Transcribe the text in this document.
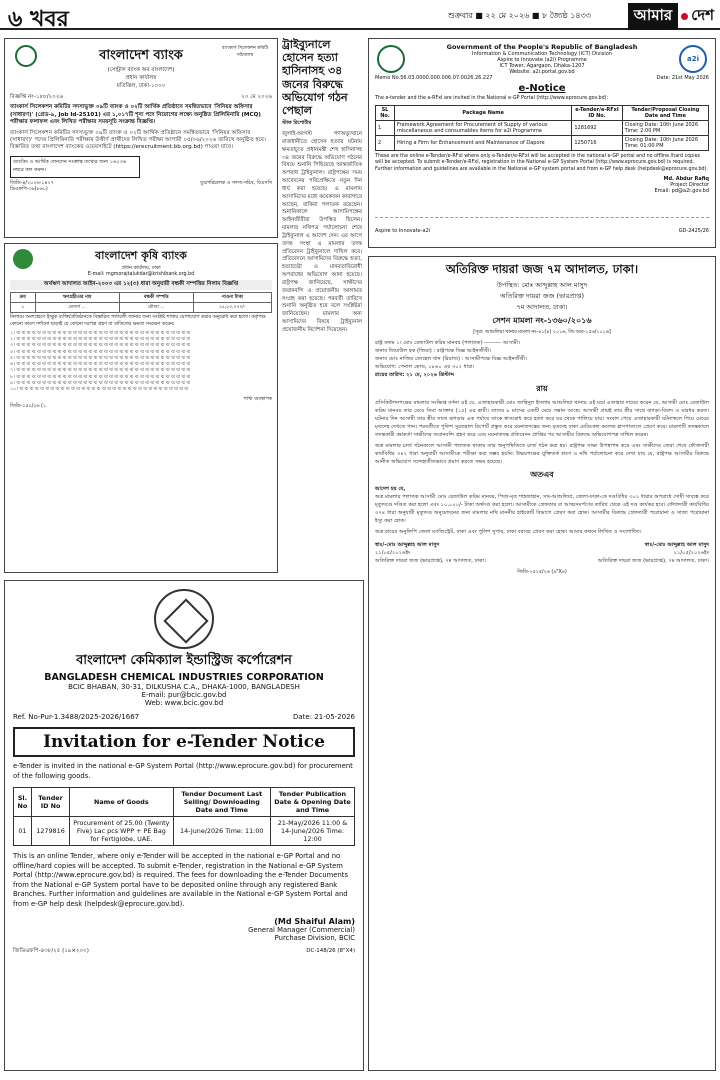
৬ খবর	শুক্রবার ■ ২২ মে ২০২৬ ■ ৮ জ্যৈষ্ঠ ১৪৩৩	আমার	দেশ
ব্যাংকার্স সিলেকশন কমিটি সচিবালয়
বাংলাদেশ ব্যাংক
(সেন্ট্রাল ব্যাংক অব বাংলাদেশ)
প্রধান কার্যালয়
মতিঝিল, ঢাকা-১০০০
বিজ্ঞপ্তি নং-১৮৮/২০২৬	২০ মে ২০২৬
ব্যাংকার্স সিলেকশন কমিটির সদস্যভুক্ত ০৯টি ব্যাংক ও ০২টি আর্থিক প্রতিষ্ঠানে সমন্বিতভাবে 'সিনিয়র অফিসার (সাধারণ)' (গ্রেড-৯, Job Id-25101) এর ১,০১৭টি শূন্য পদে নিয়োগের লক্ষ্যে অনুষ্ঠিত প্রিলিমিনারি (MCQ) পরীক্ষার ফলাফল এবং লিখিত পরীক্ষার সময়সূচি সংক্রান্ত বিজ্ঞপ্তি।
ব্যাংকার্স সিলেকশন কমিটির সদস্যভুক্ত ০৯টি ব্যাংক ও ০২টি আর্থিক প্রতিষ্ঠানে সমন্বিতভাবে 'সিনিয়র অফিসার (সাধারণ)' পদের প্রিলিমিনারি পরীক্ষায় উত্তীর্ণ প্রার্থীদের লিখিত পরীক্ষা আগামী ০৫/০৬/২০২৬ তারিখে অনুষ্ঠিত হবে। বিস্তারিত তথ্য বাংলাদেশ ব্যাংকের ওয়েবসাইটে (https://erecruitment.bb.org.bd) পাওয়া যাবে।
ব্যাংকিং ও আর্থিক লেনদেন সংক্রান্ত তথ্যের জন্য ১৬২৩৬ নম্বরে কল করুন।
জিডি-৪/২০২৬-১৪২৭	যুগ্মপরিচালক ও সদস্য-সচিব, বিএসসি
ডিএফপি-৩৯(৮৬০)
বাংলাদেশ কৃষি ব্যাংক
প্রধান কার্যালয়, ঢাকা
E-mail: mgmorajtalukdar@krishibank.org.bd
অর্থঋণ আদালত আইন-২০০৩ এর ১২(৩) ধারা অনুযায়ী বন্ধকী সম্পত্তির নিলাম বিজ্ঞপ্তি
ক্রম	ঋণগ্রহীতার নাম	বন্ধকী সম্পত্তি	পাওনা টাকা
১	মেসার্স ...	মৌজা ...	২৫,৮০,০০০/-
নিলামে অংশগ্রহণে ইচ্ছুক ব্যক্তি/প্রতিষ্ঠানকে বিস্তারিত শর্তাবলী জানার জন্য সংশ্লিষ্ট শাখায় যোগাযোগ করার অনুরোধ করা হলো। কর্তৃপক্ষ কোনো কারণ দর্শানো ছাড়াই যে কোনো দরপত্র গ্রহণ বা বাতিলের ক্ষমতা সংরক্ষণ করেন।
১। ঝ ঝ ঝ ঝ ঝ ঝ ঝ ঝ ঝ ঝ ঝ ঝ ঝ ঝ ঝ ঝ ঝ ঝ ঝ ঝ ঝ ঝ ঝ ঝ ঝ ঝ ঝ ঝ ঝ ঝ ঝ ঝ ঝ ঝ
২। ঝ ঝ ঝ ঝ ঝ ঝ ঝ ঝ ঝ ঝ ঝ ঝ ঝ ঝ ঝ ঝ ঝ ঝ ঝ ঝ ঝ ঝ ঝ ঝ ঝ ঝ ঝ ঝ ঝ ঝ ঝ ঝ ঝ ঝ
৩। ঝ ঝ ঝ ঝ ঝ ঝ ঝ ঝ ঝ ঝ ঝ ঝ ঝ ঝ ঝ ঝ ঝ ঝ ঝ ঝ ঝ ঝ ঝ ঝ ঝ ঝ ঝ ঝ ঝ ঝ ঝ ঝ ঝ ঝ
৪। ঝ ঝ ঝ ঝ ঝ ঝ ঝ ঝ ঝ ঝ ঝ ঝ ঝ ঝ ঝ ঝ ঝ ঝ ঝ ঝ ঝ ঝ ঝ ঝ ঝ ঝ ঝ ঝ ঝ ঝ ঝ ঝ ঝ ঝ
৫। ঝ ঝ ঝ ঝ ঝ ঝ ঝ ঝ ঝ ঝ ঝ ঝ ঝ ঝ ঝ ঝ ঝ ঝ ঝ ঝ ঝ ঝ ঝ ঝ ঝ ঝ ঝ ঝ ঝ ঝ ঝ ঝ ঝ ঝ
৬। ঝ ঝ ঝ ঝ ঝ ঝ ঝ ঝ ঝ ঝ ঝ ঝ ঝ ঝ ঝ ঝ ঝ ঝ ঝ ঝ ঝ ঝ ঝ ঝ ঝ ঝ ঝ ঝ ঝ ঝ ঝ ঝ ঝ ঝ
৭। ঝ ঝ ঝ ঝ ঝ ঝ ঝ ঝ ঝ ঝ ঝ ঝ ঝ ঝ ঝ ঝ ঝ ঝ ঝ ঝ ঝ ঝ ঝ ঝ ঝ ঝ ঝ ঝ ঝ ঝ ঝ ঝ ঝ ঝ
৮। ঝ ঝ ঝ ঝ ঝ ঝ ঝ ঝ ঝ ঝ ঝ ঝ ঝ ঝ ঝ ঝ ঝ ঝ ঝ ঝ ঝ ঝ ঝ ঝ ঝ ঝ ঝ ঝ ঝ ঝ ঝ ঝ ঝ ঝ
৯। ঝ ঝ ঝ ঝ ঝ ঝ ঝ ঝ ঝ ঝ ঝ ঝ ঝ ঝ ঝ ঝ ঝ ঝ ঝ ঝ ঝ ঝ ঝ ঝ ঝ ঝ ঝ ঝ ঝ ঝ ঝ ঝ ঝ ঝ
১০। ঝ ঝ ঝ ঝ ঝ ঝ ঝ ঝ ঝ ঝ ঝ ঝ ঝ ঝ ঝ ঝ ঝ ঝ ঝ ঝ ঝ ঝ ঝ ঝ ঝ ঝ ঝ ঝ ঝ ঝ ঝ ঝ ঝ
শাখা ব্যবস্থাপক
জিডি-১৫০/২৬ (১
ট্রাইব্যুনালে হোসেন হত্যা হাসিনাসহ ৩৪ জনের বিরুদ্ধে অভিযোগ গঠন পেছাল
স্টাফ রিপোর্টার
জুলাই-আগস্ট গণঅভ্যুত্থানে রাজধানীতে হোসেন হত্যার ঘটনায় ক্ষমতাচ্যুত প্রধানমন্ত্রী শেখ হাসিনাসহ ৩৪ জনের বিরুদ্ধে অভিযোগ গঠনের বিষয়ে শুনানি পিছিয়েছে আন্তর্জাতিক অপরাধ ট্রাইব্যুনাল। রাষ্ট্রপক্ষের সময় আবেদনের পরিপ্রেক্ষিতে নতুন দিন ধার্য করা হয়েছে। এ মামলায় আসামিদের মধ্যে কয়েকজন কারাগারে আছেন, বাকিরা পলাতক রয়েছেন। শুনানিকালে আসামিপক্ষের আইনজীবীরা উপস্থিত ছিলেন। মামলার নথিপত্র পর্যালোচনা শেষে ট্রাইব্যুনাল এ আদেশ দেন। এর আগে তদন্ত সংস্থা এ মামলার তদন্ত প্রতিবেদন ট্রাইব্যুনালে দাখিল করে। প্রতিবেদনে আসামিদের বিরুদ্ধে হত্যা, হত্যাচেষ্টা ও মানবতাবিরোধী অপরাধের অভিযোগ আনা হয়েছে। রাষ্ট্রপক্ষ জানিয়েছে, সাক্ষীদের জবানবন্দি ও প্রয়োজনীয় আলামত সংগ্রহ করা হয়েছে। পরবর্তী তারিখে শুনানি অনুষ্ঠিত হবে বলে সংশ্লিষ্টরা জানিয়েছেন। মামলার অন্য আসামিদের বিষয়ে ট্রাইব্যুনাল প্রয়োজনীয় নির্দেশনা দিয়েছেন।
a2i
Government of the People's Republic of Bangladesh
Information & Communication Technology (ICT) Division
Aspire to Innovate (a2i) Programme
ICT Tower, Agargaon, Dhaka-1207
Website: a2i.portal.gov.bd
Memo No.56.03.0000.000.006.07.0026.26.227	Date: 21st May 2026
e-Notice
The e-tender and the e-RFxI are invited in the National e-GP Portal (http://www.eprocure.gov.bd):
SL No.	Package Name	e-Tender/e-RFxI ID No.	Tender/Proposal Closing Date and Time
1	Framework Agreement for Procurement of Supply of various miscellaneous and consumables items for a2i Programme	1281692	Closing Date: 10th June 2026 Time: 2:00 PM
2	Hiring a Firm for Enhancement and Maintenance of Dapore	1250716	Closing Date: 10th June 2026 Time: 01:00 PM
These are the online e-Tender/e-RFxI where only e-Tender/e-RFxI will be accepted in the national e-GP portal and no offline /hard copies will be accepted. To submit e-Tender/e-RFxI, registration in the National e-GP System Portal (http://www.eprocure.gov.bd) is required. Further information and guidelines are available in the National e-GP system portal and from e-GP help desk (helpdesk@eprocure.gov.bd).
Md. Abdur Rafiq
Project Director
Email: pd@a2i.gov.bd
Aspire to Innovate-a2i	GD-2425/26
অতিরিক্ত দায়রা জজ ৭ম আদালত, ঢাকা।
উপস্থিত: মোঃ আব্দুল্লাহ আল মাসুদ
অতিরিক্ত দায়রা জজ (ভারপ্রাপ্ত)
৭ম আদালত, ঢাকা।
সেশন মামলা নং-১৩৬০/২০১৬
[সূত্র: আশুলিয়া থানার মামলা নং-৪১(৪) ২০১৬, জি.আর-১৫৬/২০১৬]
রাষ্ট্র বনাম ১। মোঃ রেজাউল করিম মানবর (পলাতক) --------- আসামী।
জনাব জিয়াউল হক (জিয়া) : রাষ্ট্রপক্ষে বিজ্ঞ আইনজীবী।
জনাব মোঃ নাজিম তোহেল খান (রিয়াজ) : আসামীপক্ষে বিজ্ঞ আইনজীবী।
অভিযোগ: পেনাল কোড, ১৮৬০ এর ৩০২ ধারা।
রায়ের তারিখ: ২১ মে, ২০২৬ খ্রিস্টাব্দ
রায়
প্রসিকিউশনপক্ষের মামলার সংক্ষিপ্ত বর্ণনা এই যে, এজাহারকারী মোঃ জাহিদুল ইসলাম আশুলিয়া থানায় এই মর্মে এজাহার দায়ের করেন যে, আসামী মোঃ রেজাউল করিম মানবর তার মেয়ে সিমা আক্তার (১৫) এর স্বামী। তাদের ৮ মাসের একটি মেয়ে সন্তান আছে। আসামী প্রায়ই তার স্ত্রীর সাথে ঝগড়া-বিবাদ ও মারধর করত। ঘটনার দিন আসামী তার স্ত্রীর সাথে ঝগড়ার এক পর্যায়ে তাকে শ্বাসরোধ করে হত্যা করে ঘর থেকে পালিয়ে যায়। সংবাদ পেয়ে এজাহারকারী ঘটনাস্থলে গিয়ে মেয়ের মৃতদেহ দেখতে পান। পরবর্তীতে পুলিশ সুরতহাল রিপোর্ট প্রস্তুত করে ময়নাতদন্তের জন্য মৃতদেহ ঢাকা মেডিকেল কলেজ হাসপাতালে প্রেরণ করে। মামলাটি তদন্তকালে তদন্তকারী কর্মকর্তা সাক্ষীদের জবানবন্দি গ্রহণ করে এবং ময়নাতদন্ত প্রতিবেদন প্রাপ্তির পর আসামীর বিরুদ্ধে অভিযোগপত্র দাখিল করেন।
অত্র মামলার চার্জ গঠনকালে আসামী পলাতক থাকায় তার অনুপস্থিতিতে চার্জ গঠন করা হয়। রাষ্ট্রপক্ষ সাক্ষ্য উপস্থাপন করে এবং সাক্ষীদের জেরা শেষে ফৌজদারী কার্যবিধির ৩৪২ ধারা অনুযায়ী আসামীকে পরীক্ষা করা সম্ভব হয়নি। উভয়পক্ষের যুক্তিতর্ক শ্রবণ ও নথি পর্যালোচনা করে দেখা যায় যে, রাষ্ট্রপক্ষ আসামীর বিরুদ্ধে আনীত অভিযোগ সন্দেহাতীতভাবে প্রমাণ করতে সক্ষম হয়েছে।
অতএব
আদেশ হয় যে,
অত্র মামলার পলাতক আসামী মোঃ রেজাউল করিম মানবর, পিতা-মৃত শাহজাহান, সাং-আশুলিয়া, জেলা-ঢাকা-কে দণ্ডবিধির ৩০২ ধারার অপরাধে দোষী সাব্যস্ত করে মৃত্যুদণ্ডে দণ্ডিত করা হলো এবং ১০,০০০/- টাকা অর্থদণ্ড করা হলো। আসামীকে গ্রেফতার বা আত্মসমর্পণের তারিখ থেকে এই দণ্ড কার্যকর হবে। ফৌজদারী কার্যবিধির ৩৭৪ ধারা অনুযায়ী মৃত্যুদণ্ড অনুমোদনের জন্য মামলার নথি মাননীয় হাইকোর্ট বিভাগে প্রেরণ করা হোক। আসামীর বিরুদ্ধে গ্রেফতারী পরোয়ানা ও সাজা পরোয়ানা ইস্যু করা হোক।
অত্র রায়ের অনুলিপি জেলা ম্যাজিস্ট্রেট, ঢাকা এবং পুলিশ সুপার, ঢাকা বরাবর প্রেরণ করা হোক। আমার কথনে লিখিত ও সংশোধিত।
স্বাঃ/-মোঃ আব্দুল্লাহ আল মাসুদ
২১/০৫/২০২৬ইং
অতিরিক্ত দায়রা জজ (ভারপ্রাপ্ত), ৭ম আদালত, ঢাকা।
স্বাঃ/-মোঃ আব্দুল্লাহ আল মাসুদ
২১/০৫/২০২৬ইং
অতিরিক্ত দায়রা জজ (ভারপ্রাপ্ত), ৭ম আদালত, ঢাকা।
জিডি-২৫২৫/২৬ (৯"X৪)
বাংলাদেশ কেমিক্যাল ইন্ডাস্ট্রিজ কর্পোরেশন
BANGLADESH CHEMICAL INDUSTRIES CORPORATION
BCIC BHABAN, 30-31, DILKUSHA C.A., DHAKA-1000, BANGLADESH
E-mail: pur@bcic.gov.bd
Web: www.bcic.gov.bd
Ref. No-Pur-1.3488/2025-2026/1667	Date: 21-05-2026
Invitation for e-Tender Notice
e-Tender is invited in the national e-GP System Portal (http://www.eprocure.gov.bd) for procurement of the following goods.
Sl. No	Tender ID No	Name of Goods	Tender Document Last Selling/ Downloading Date and Time	Tender Publication Date & Opening Date and Time
01	1279816	Procurement of 25.00 (Twenty Five) Lac pcs WPP + PE Bag for Fertiglobe, UAE.	14-June/2026 Time: 11:00	21-May/2026 11:00 & 14-June/2026 Time: 12:00
This is an online Tender, where only e-Tender will be accepted in the national e-GP Portal and no offline/hard copies will be accepted. To submit e-Tender, registration in the National e-GP System Portal (http://www.eprocure.gov.bd) is required. The fees for downloading the e-Tender Documents from the National e-GP System portal have to be deposited online through any registered Bank Branches. Further information and guidelines are available in the National e-GP System Portal and from e-GP help desk (helpdesk@eprocure.gov.bd).
(Md Shaiful Alam)
General Manager (Commercial)
Purchase Division, BCIC
জিডিএফপি-৪৩৮/২৫ (১৯×২০০)	DC-148/26 (8"X4)
